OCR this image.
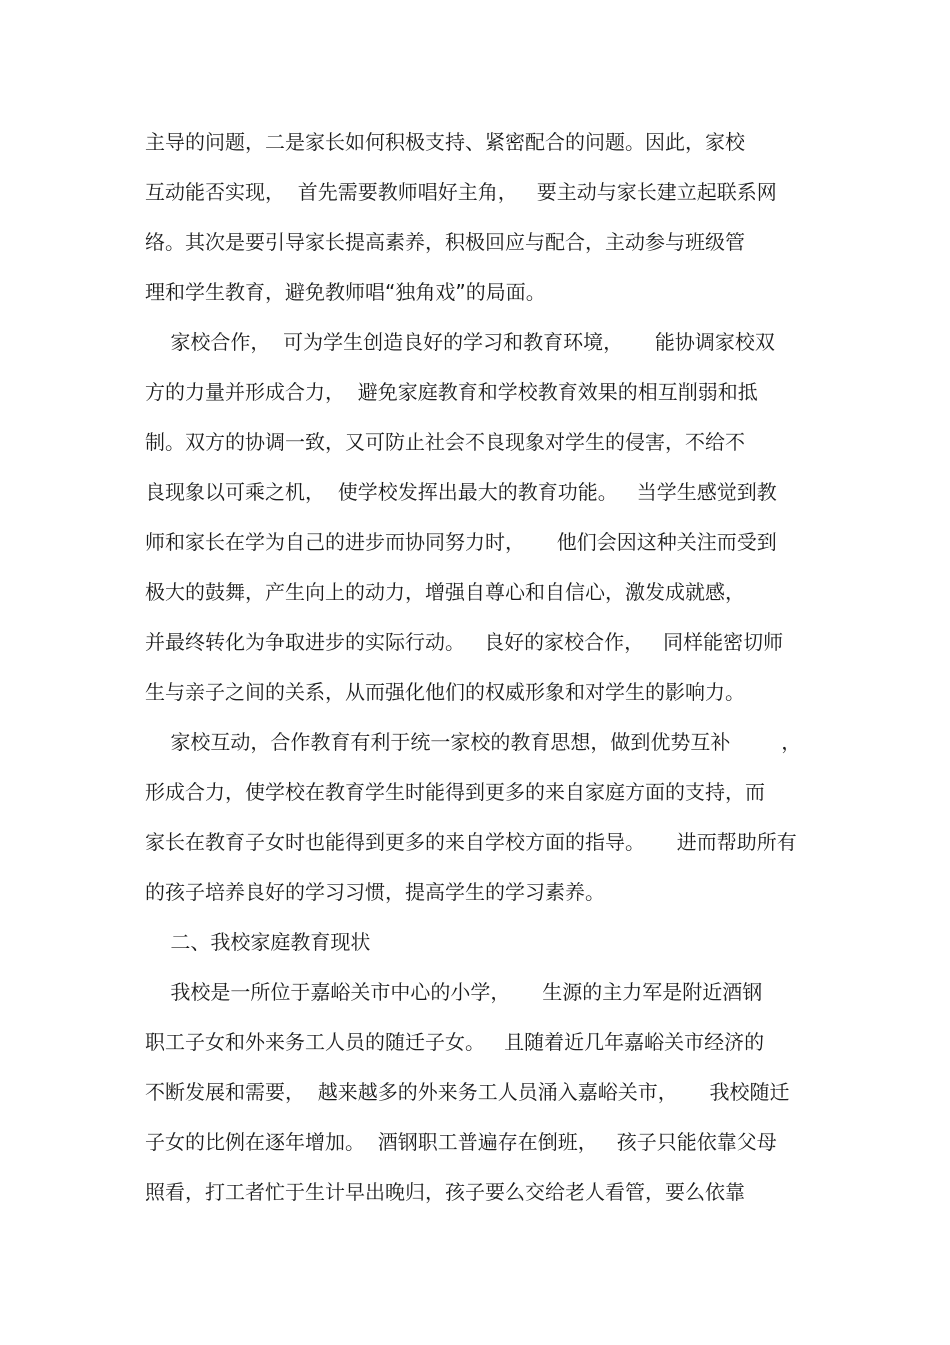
主导的问题，二是家长如何积极支持、紧密配合的问题。因此，家校
互动能否实现，  首先需要教师唱好主角，   要主动与家长建立起联系网
络。其次是要引导家长提高素养，积极回应与配合，主动参与班级管
理和学生教育，避免教师唱“独角戏”的局面。
家校合作，  可为学生创造良好的学习和教育环境，     能协调家校双
方的力量并形成合力，  避免家庭教育和学校教育效果的相互削弱和抵
制。双方的协调一致，又可防止社会不良现象对学生的侵害，不给不
良现象以可乘之机，  使学校发挥出最大的教育功能。   当学生感觉到教
师和家长在学为自己的进步而协同努力时，     他们会因这种关注而受到
极大的鼓舞，产生向上的动力，增强自尊心和自信心，激发成就感，
并最终转化为争取进步的实际行动。   良好的家校合作，   同样能密切师
生与亲子之间的关系，从而强化他们的权威形象和对学生的影响力。
家校互动，合作教育有利于统一家校的教育思想，做到优势互补        ，
形成合力，使学校在教育学生时能得到更多的来自家庭方面的支持，而
家长在教育子女时也能得到更多的来自学校方面的指导。     进而帮助所有
的孩子培养良好的学习习惯，提高学生的学习素养。
二、我校家庭教育现状
我校是一所位于嘉峪关市中心的小学，     生源的主力军是附近酒钢
职工子女和外来务工人员的随迁子女。   且随着近几年嘉峪关市经济的
不断发展和需要，  越来越多的外来务工人员涌入嘉峪关市，     我校随迁
子女的比例在逐年增加。  酒钢职工普遍存在倒班，   孩子只能依靠父母
照看，打工者忙于生计早出晚归，孩子要么交给老人看管，要么依靠
